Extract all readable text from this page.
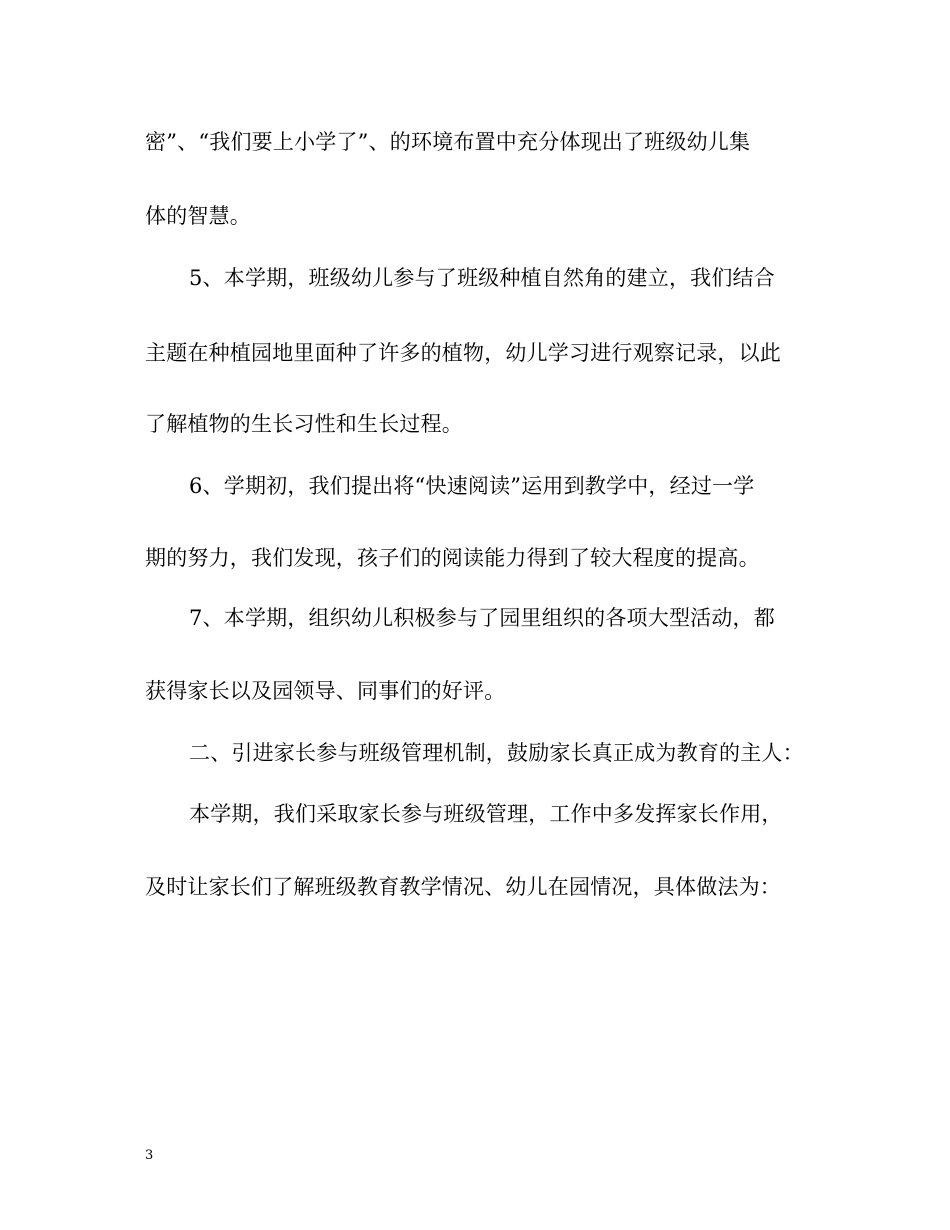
密”、“我们要上小学了”、的环境布置中充分体现出了班级幼儿集
体的智慧。
5、本学期，班级幼儿参与了班级种植自然角的建立，我们结合
主题在种植园地里面种了许多的植物，幼儿学习进行观察记录，以此
了解植物的生长习性和生长过程。
6、学期初，我们提出将“快速阅读”运用到教学中，经过一学
期的努力，我们发现，孩子们的阅读能力得到了较大程度的提高。
7、本学期，组织幼儿积极参与了园里组织的各项大型活动，都
获得家长以及园领导、同事们的好评。
二、引进家长参与班级管理机制，鼓励家长真正成为教育的主人：
本学期，我们采取家长参与班级管理，工作中多发挥家长作用，
及时让家长们了解班级教育教学情况、幼儿在园情况，具体做法为：
3
